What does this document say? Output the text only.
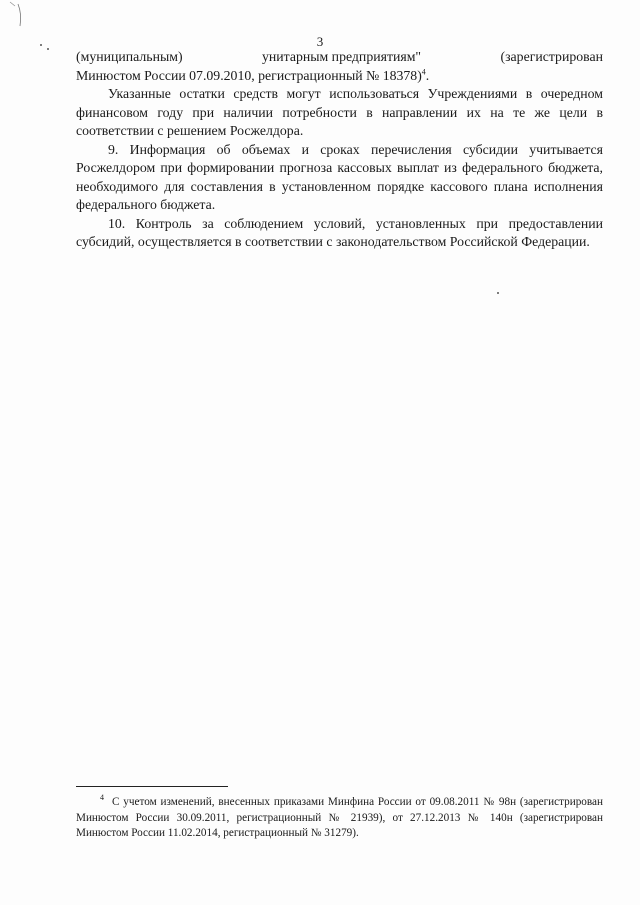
3
(муниципальным)	унитарным предприятиям"	(зарегистрирован

Минюстом России 07.09.2010, регистрационный № 18378)$^4$.

Указанные остатки средств могут использоваться Учреждениями в очередном финансовом году при наличии потребности в направлении их на те же цели в соответствии с решением Росжелдора.

9. Информация об объемах и сроках перечисления субсидии учитывается Росжелдором при формировании прогноза кассовых выплат из федерального бюджета, необходимого для составления в установленном порядке кассового плана исполнения федерального бюджета.

10. Контроль за соблюдением условий, установленных при предоставлении субсидий, осуществляется в соответствии с законодательством Российской Федерации.

$^4$ С учетом изменений, внесенных приказами Минфина России от 09.08.2011 № 98н (зарегистрирован Минюстом России 30.09.2011, регистрационный № 21939), от 27.12.2013 № 140н (зарегистрирован Минюстом России 11.02.2014, регистрационный № 31279).
